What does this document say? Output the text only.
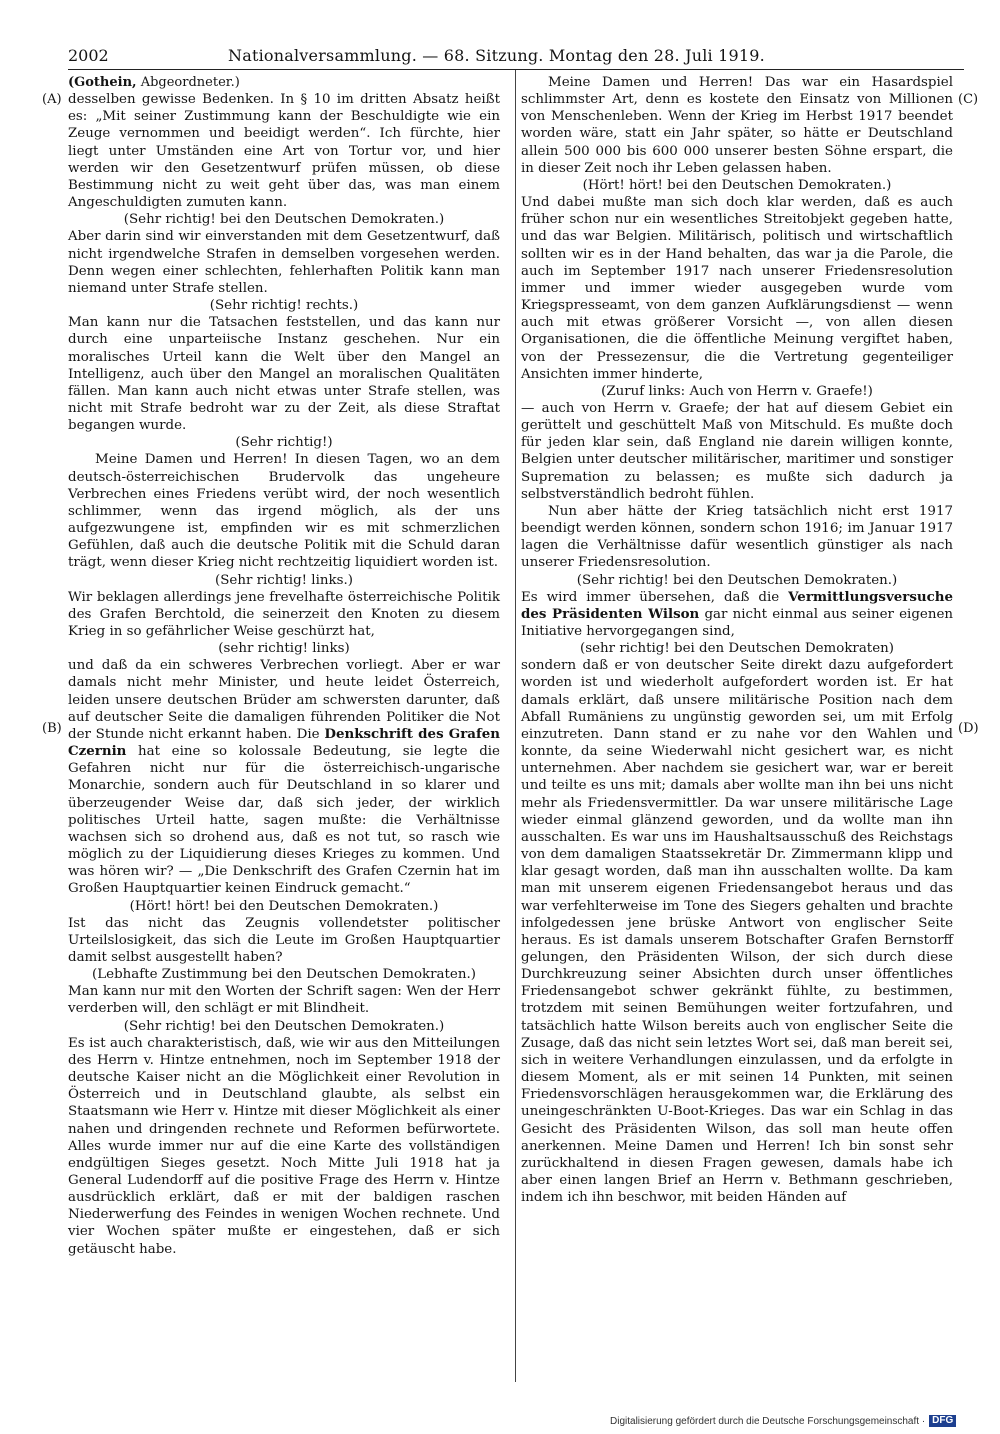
2002	Nationalversammlung. — 68. Sitzung. Montag den 28. Juli 1919.
(A)
(B)
(C)
(D)

(Gothein, Abgeordneter.)

desselben gewisse Bedenken. In § 10 im dritten Absatz heißt es: „Mit seiner Zustimmung kann der Beschuldigte wie ein Zeuge vernommen und beeidigt werden“. Ich fürchte, hier liegt unter Umständen eine Art von Tortur vor, und hier werden wir den Gesetzentwurf prüfen müssen, ob diese Bestimmung nicht zu weit geht über das, was man einem Angeschuldigten zumuten kann.

(Sehr richtig! bei den Deutschen Demokraten.)

Aber darin sind wir einverstanden mit dem Gesetzentwurf, daß nicht irgendwelche Strafen in demselben vorgesehen werden. Denn wegen einer schlechten, fehlerhaften Politik kann man niemand unter Strafe stellen.

(Sehr richtig! rechts.)

Man kann nur die Tatsachen feststellen, und das kann nur durch eine unparteiische Instanz geschehen. Nur ein moralisches Urteil kann die Welt über den Mangel an Intelligenz, auch über den Mangel an moralischen Qualitäten fällen. Man kann auch nicht etwas unter Strafe stellen, was nicht mit Strafe bedroht war zu der Zeit, als diese Straftat begangen wurde.

(Sehr richtig!)

Meine Damen und Herren! In diesen Tagen, wo an dem deutsch-österreichischen Brudervolk das ungeheure Verbrechen eines Friedens verübt wird, der noch wesentlich schlimmer, wenn das irgend möglich, als der uns aufgezwungene ist, empfinden wir es mit schmerzlichen Gefühlen, daß auch die deutsche Politik mit die Schuld daran trägt, wenn dieser Krieg nicht rechtzeitig liquidiert worden ist.

(Sehr richtig! links.)

Wir beklagen allerdings jene frevelhafte österreichische Politik des Grafen Berchtold, die seinerzeit den Knoten zu diesem Krieg in so gefährlicher Weise geschürzt hat,

(sehr richtig! links)

und daß da ein schweres Verbrechen vorliegt. Aber er war damals nicht mehr Minister, und heute leidet Österreich, leiden unsere deutschen Brüder am schwersten darunter, daß auf deutscher Seite die damaligen führenden Politiker die Not der Stunde nicht erkannt haben. Die Denkschrift des Grafen Czernin hat eine so kolossale Bedeutung, sie legte die Gefahren nicht nur für die österreichisch-ungarische Monarchie, sondern auch für Deutschland in so klarer und überzeugender Weise dar, daß sich jeder, der wirklich politisches Urteil hatte, sagen mußte: die Verhältnisse wachsen sich so drohend aus, daß es not tut, so rasch wie möglich zu der Liquidierung dieses Krieges zu kommen. Und was hören wir? — „Die Denkschrift des Grafen Czernin hat im Großen Hauptquartier keinen Eindruck gemacht.“

(Hört! hört! bei den Deutschen Demokraten.)

Ist das nicht das Zeugnis vollendetster politischer Urteilslosigkeit, das sich die Leute im Großen Hauptquartier damit selbst ausgestellt haben?

(Lebhafte Zustimmung bei den Deutschen Demokraten.)

Man kann nur mit den Worten der Schrift sagen: Wen der Herr verderben will, den schlägt er mit Blindheit.

(Sehr richtig! bei den Deutschen Demokraten.)

Es ist auch charakteristisch, daß, wie wir aus den Mitteilungen des Herrn v. Hintze entnehmen, noch im September 1918 der deutsche Kaiser nicht an die Möglichkeit einer Revolution in Österreich und in Deutschland glaubte, als selbst ein Staatsmann wie Herr v. Hintze mit dieser Möglichkeit als einer nahen und dringenden rechnete und Reformen befürwortete. Alles wurde immer nur auf die eine Karte des vollständigen endgültigen Sieges gesetzt. Noch Mitte Juli 1918 hat ja General Ludendorff auf die positive Frage des Herrn v. Hintze ausdrücklich erklärt, daß er mit der baldigen raschen Niederwerfung des Feindes in wenigen Wochen rechnete. Und vier Wochen später mußte er eingestehen, daß er sich getäuscht habe.

Meine Damen und Herren! Das war ein Hasardspiel schlimmster Art, denn es kostete den Einsatz von Millionen von Menschenleben. Wenn der Krieg im Herbst 1917 beendet worden wäre, statt ein Jahr später, so hätte er Deutschland allein 500 000 bis 600 000 unserer besten Söhne erspart, die in dieser Zeit noch ihr Leben gelassen haben.

(Hört! hört! bei den Deutschen Demokraten.)

Und dabei mußte man sich doch klar werden, daß es auch früher schon nur ein wesentliches Streitobjekt gegeben hatte, und das war Belgien. Militärisch, politisch und wirtschaftlich sollten wir es in der Hand behalten, das war ja die Parole, die auch im September 1917 nach unserer Friedensresolution immer und immer wieder ausgegeben wurde vom Kriegspresseamt, von dem ganzen Aufklärungsdienst — wenn auch mit etwas größerer Vorsicht —, von allen diesen Organisationen, die die öffentliche Meinung vergiftet haben, von der Pressezensur, die die Vertretung gegenteiliger Ansichten immer hinderte,

(Zuruf links: Auch von Herrn v. Graefe!)

— auch von Herrn v. Graefe; der hat auf diesem Gebiet ein gerüttelt und geschüttelt Maß von Mitschuld. Es mußte doch für jeden klar sein, daß England nie darein willigen konnte, Belgien unter deutscher militärischer, maritimer und sonstiger Supremation zu belassen; es mußte sich dadurch ja selbstverständlich bedroht fühlen.

Nun aber hätte der Krieg tatsächlich nicht erst 1917 beendigt werden können, sondern schon 1916; im Januar 1917 lagen die Verhältnisse dafür wesentlich günstiger als nach unserer Friedensresolution.

(Sehr richtig! bei den Deutschen Demokraten.)

Es wird immer übersehen, daß die Vermittlungsversuche des Präsidenten Wilson gar nicht einmal aus seiner eigenen Initiative hervorgegangen sind,

(sehr richtig! bei den Deutschen Demokraten)

sondern daß er von deutscher Seite direkt dazu aufgefordert worden ist und wiederholt aufgefordert worden ist. Er hat damals erklärt, daß unsere militärische Position nach dem Abfall Rumäniens zu ungünstig geworden sei, um mit Erfolg einzutreten. Dann stand er zu nahe vor den Wahlen und konnte, da seine Wiederwahl nicht gesichert war, es nicht unternehmen. Aber nachdem sie gesichert war, war er bereit und teilte es uns mit; damals aber wollte man ihn bei uns nicht mehr als Friedensvermittler. Da war unsere militärische Lage wieder einmal glänzend geworden, und da wollte man ihn ausschalten. Es war uns im Haushaltsausschuß des Reichstags von dem damaligen Staatssekretär Dr. Zimmermann klipp und klar gesagt worden, daß man ihn ausschalten wollte. Da kam man mit unserem eigenen Friedensangebot heraus und das war verfehlterweise im Tone des Siegers gehalten und brachte infolgedessen jene brüske Antwort von englischer Seite heraus. Es ist damals unserem Botschafter Grafen Bernstorff gelungen, den Präsidenten Wilson, der sich durch diese Durchkreuzung seiner Absichten durch unser öffentliches Friedensangebot schwer gekränkt fühlte, zu bestimmen, trotzdem mit seinen Bemühungen weiter fortzufahren, und tatsächlich hatte Wilson bereits auch von englischer Seite die Zusage, daß das nicht sein letztes Wort sei, daß man bereit sei, sich in weitere Verhandlungen einzulassen, und da erfolgte in diesem Moment, als er mit seinen 14 Punkten, mit seinen Friedensvorschlägen herausgekommen war, die Erklärung des uneingeschränkten U-Boot-Krieges. Das war ein Schlag in das Gesicht des Präsidenten Wilson, das soll man heute offen anerkennen. Meine Damen und Herren! Ich bin sonst sehr zurückhaltend in diesen Fragen gewesen, damals habe ich aber einen langen Brief an Herrn v. Bethmann geschrieben, indem ich ihn beschwor, mit beiden Händen auf

Digitalisierung gefördert durch die Deutsche Forschungsgemeinschaft · DFG
